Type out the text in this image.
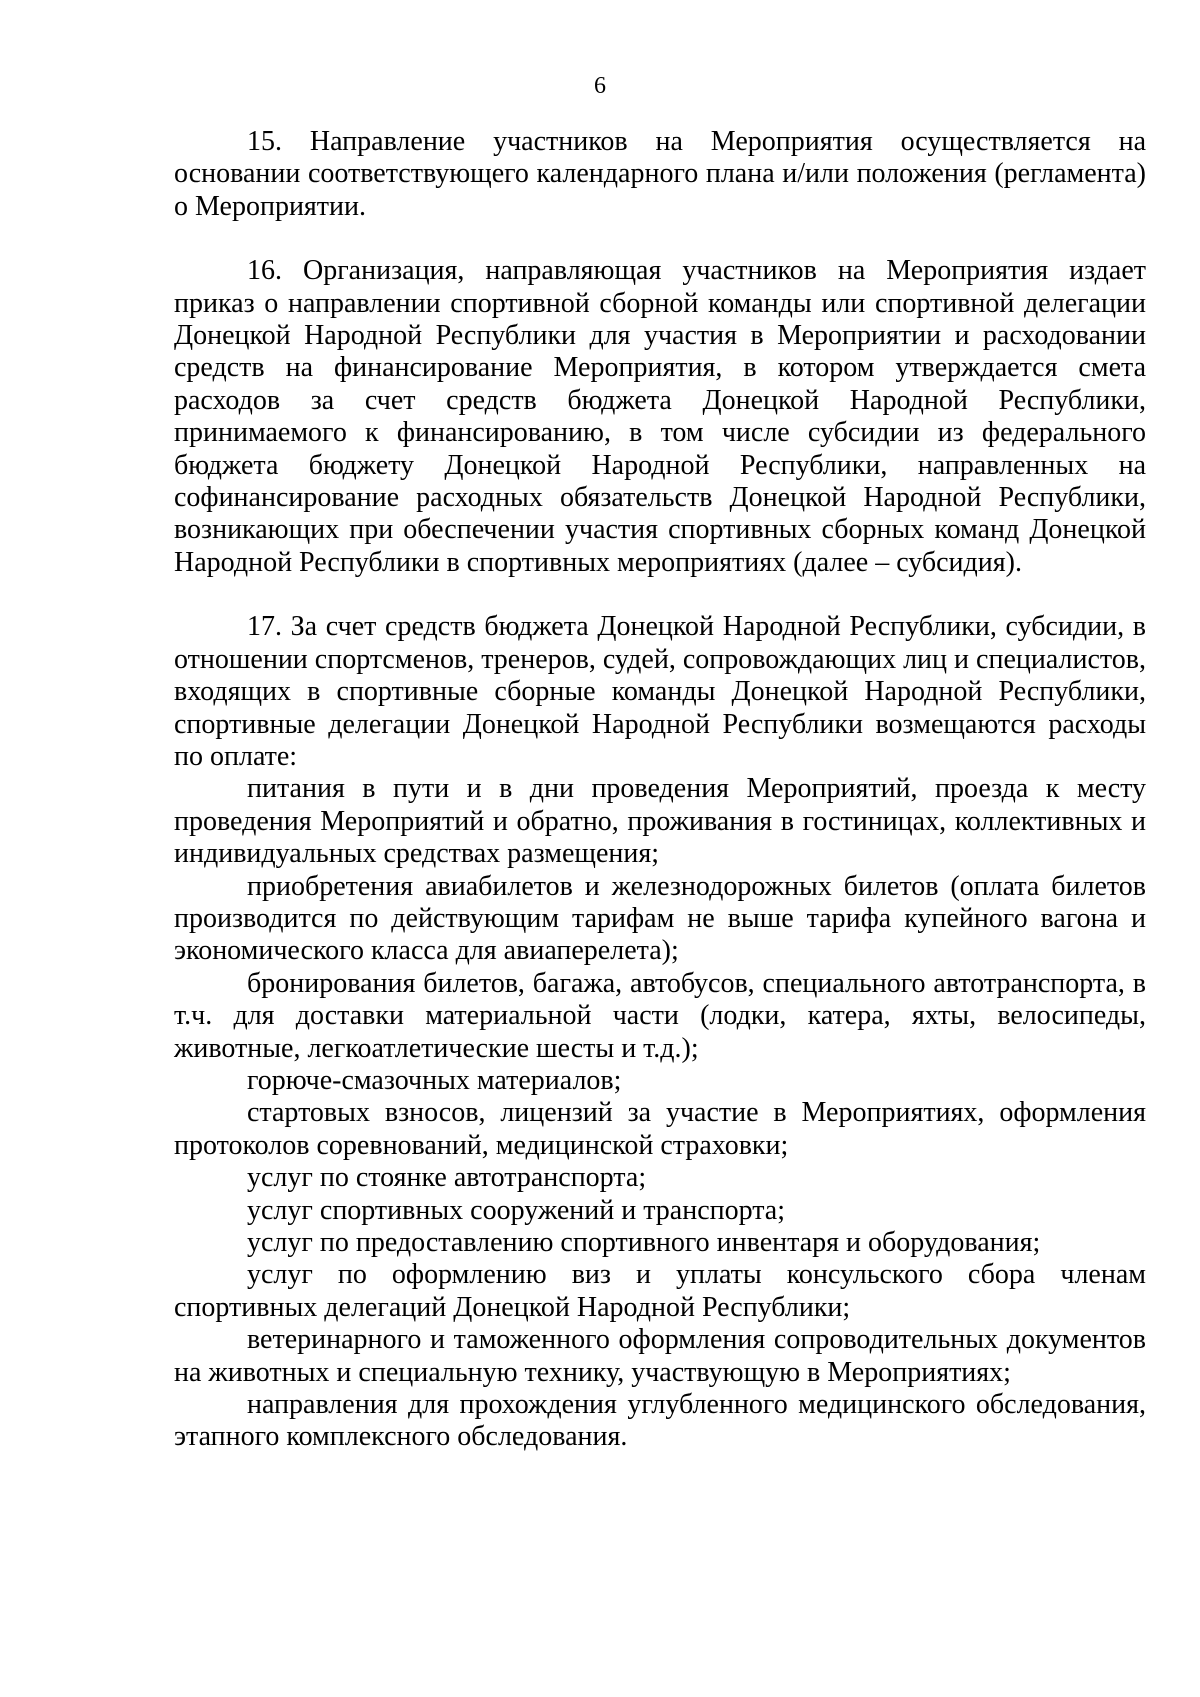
6

15. Направление участников на Мероприятия осуществляется на основании соответствующего календарного плана и/или положения (регламента) о Мероприятии.

16. Организация, направляющая участников на Мероприятия издает приказ о направлении спортивной сборной команды или спортивной делегации Донецкой Народной Республики для участия в Мероприятии и расходовании средств на финансирование Мероприятия, в котором утверждается смета расходов за счет средств бюджета Донецкой Народной Республики, принимаемого к финансированию, в том числе субсидии из федерального бюджета бюджету Донецкой Народной Республики, направленных на софинансирование расходных обязательств Донецкой Народной Республики, возникающих при обеспечении участия спортивных сборных команд Донецкой Народной Республики в спортивных мероприятиях (далее – субсидия).

17. За счет средств бюджета Донецкой Народной Республики, субсидии, в отношении спортсменов, тренеров, судей, сопровождающих лиц и специалистов, входящих в спортивные сборные команды Донецкой Народной Республики, спортивные делегации Донецкой Народной Республики возмещаются расходы по оплате:

питания в пути и в дни проведения Мероприятий, проезда к месту проведения Мероприятий и обратно, проживания в гостиницах, коллективных и индивидуальных средствах размещения;

приобретения авиабилетов и железнодорожных билетов (оплата билетов производится по действующим тарифам не выше тарифа купейного вагона и экономического класса для авиаперелета);

бронирования билетов, багажа, автобусов, специального автотранспорта, в т.ч. для доставки материальной части (лодки, катера, яхты, велосипеды, животные, легкоатлетические шесты и т.д.);

горюче-смазочных материалов;

стартовых взносов, лицензий за участие в Мероприятиях, оформления протоколов соревнований, медицинской страховки;

услуг по стоянке автотранспорта;

услуг спортивных сооружений и транспорта;

услуг по предоставлению спортивного инвентаря и оборудования;

услуг по оформлению виз и уплаты консульского сбора членам спортивных делегаций Донецкой Народной Республики;

ветеринарного и таможенного оформления сопроводительных документов на животных и специальную технику, участвующую в Мероприятиях;

направления для прохождения углубленного медицинского обследования, этапного комплексного обследования.
